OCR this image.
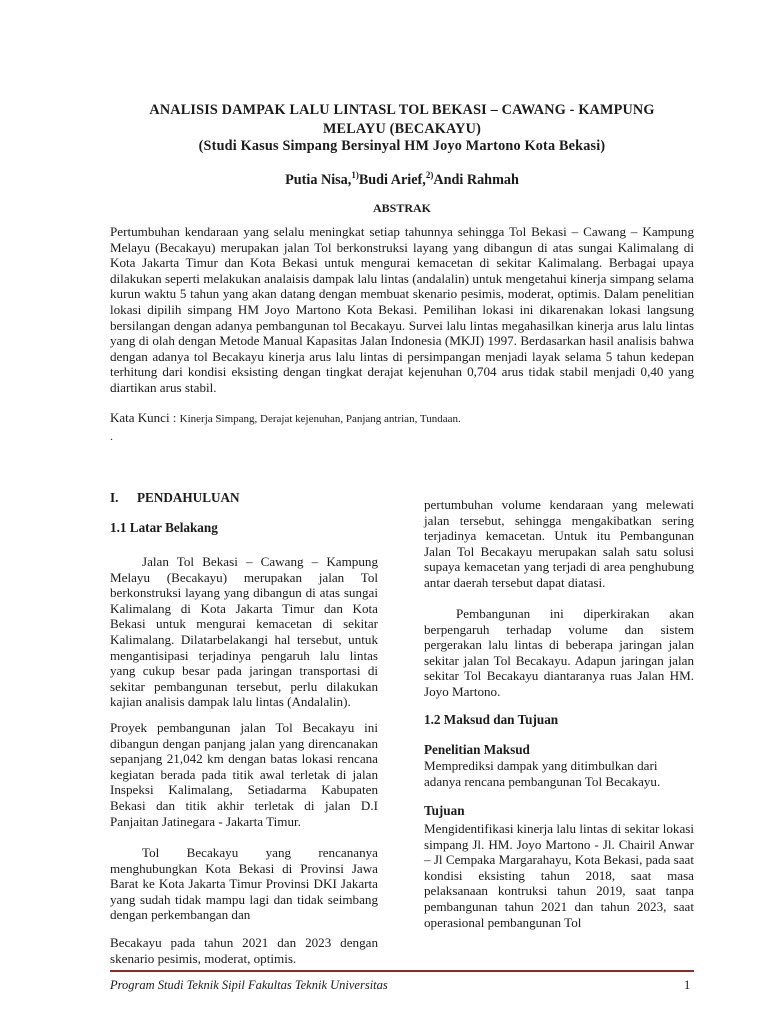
ANALISIS DAMPAK LALU LINTASL TOL BEKASI – CAWANG - KAMPUNG
MELAYU (BECAKAYU)
(Studi Kasus Simpang Bersinyal HM Joyo Martono Kota Bekasi)
Putia Nisa,$^{1)}$Budi Arief,$^{2)}$Andi Rahmah
ABSTRAK
Pertumbuhan kendaraan yang selalu meningkat setiap tahunnya sehingga Tol Bekasi – Cawang – Kampung Melayu (Becakayu) merupakan jalan Tol berkonstruksi layang yang dibangun di atas sungai Kalimalang di Kota Jakarta Timur dan Kota Bekasi untuk mengurai kemacetan di sekitar Kalimalang. Berbagai upaya dilakukan seperti melakukan analaisis dampak lalu lintas (andalalin) untuk mengetahui kinerja simpang selama kurun waktu 5 tahun yang akan datang dengan membuat skenario pesimis, moderat, optimis. Dalam penelitian lokasi dipilih simpang HM Joyo Martono Kota Bekasi. Pemilihan lokasi ini dikarenakan lokasi langsung bersilangan dengan adanya pembangunan tol Becakayu. Survei lalu lintas megahasilkan kinerja arus lalu lintas yang di olah dengan Metode Manual Kapasitas Jalan Indonesia (MKJI) 1997. Berdasarkan hasil analisis bahwa dengan adanya tol Becakayu kinerja arus lalu lintas di persimpangan menjadi layak selama 5 tahun kedepan terhitung dari kondisi eksisting dengan tingkat derajat kejenuhan 0,704 arus tidak stabil menjadi 0,40 yang diartikan arus stabil.
Kata Kunci : Kinerja Simpang, Derajat kejenuhan, Panjang antrian, Tundaan.
.
I. PENDAHULUAN
1.1 Latar Belakang
Jalan Tol Bekasi – Cawang – Kampung Melayu (Becakayu) merupakan jalan Tol berkonstruksi layang yang dibangun di atas sungai Kalimalang di Kota Jakarta Timur dan Kota Bekasi untuk mengurai kemacetan di sekitar Kalimalang. Dilatarbelakangi hal tersebut, untuk mengantisipasi terjadinya pengaruh lalu lintas yang cukup besar pada jaringan transportasi di sekitar pembangunan tersebut, perlu dilakukan kajian analisis dampak lalu lintas (Andalalin).
Proyek pembangunan jalan Tol Becakayu ini dibangun dengan panjang jalan yang direncanakan sepanjang 21,042 km dengan batas lokasi rencana kegiatan berada pada titik awal terletak di jalan Inspeksi Kalimalang, Setiadarma Kabupaten Bekasi dan titik akhir terletak di jalan D.I Panjaitan Jatinegara - Jakarta Timur.
Tol Becakayu yang rencananya menghubungkan Kota Bekasi di Provinsi Jawa Barat ke Kota Jakarta Timur Provinsi DKI Jakarta yang sudah tidak mampu lagi dan tidak seimbang dengan perkembangan dan
Becakayu pada tahun 2021 dan 2023 dengan skenario pesimis, moderat, optimis.
pertumbuhan volume kendaraan yang melewati jalan tersebut, sehingga mengakibatkan sering terjadinya kemacetan. Untuk itu Pembangunan Jalan Tol Becakayu merupakan salah satu solusi supaya kemacetan yang terjadi di area penghubung antar daerah tersebut dapat diatasi.
Pembangunan ini diperkirakan akan berpengaruh terhadap volume dan sistem pergerakan lalu lintas di beberapa jaringan jalan sekitar jalan Tol Becakayu. Adapun jaringan jalan sekitar Tol Becakayu diantaranya ruas Jalan HM. Joyo Martono.
1.2 Maksud dan Tujuan
Penelitian Maksud
Memprediksi dampak yang ditimbulkan dari adanya rencana pembangunan Tol Becakayu.
Tujuan
Mengidentifikasi kinerja lalu lintas di sekitar lokasi simpang Jl. HM. Joyo Martono - Jl. Chairil Anwar – Jl Cempaka Margarahayu, Kota Bekasi, pada saat kondisi eksisting tahun 2018, saat masa pelaksanaan kontruksi tahun 2019, saat tanpa pembangunan tahun 2021 dan tahun 2023, saat operasional pembangunan Tol
Program Studi Teknik Sipil Fakultas Teknik Universitas	1
